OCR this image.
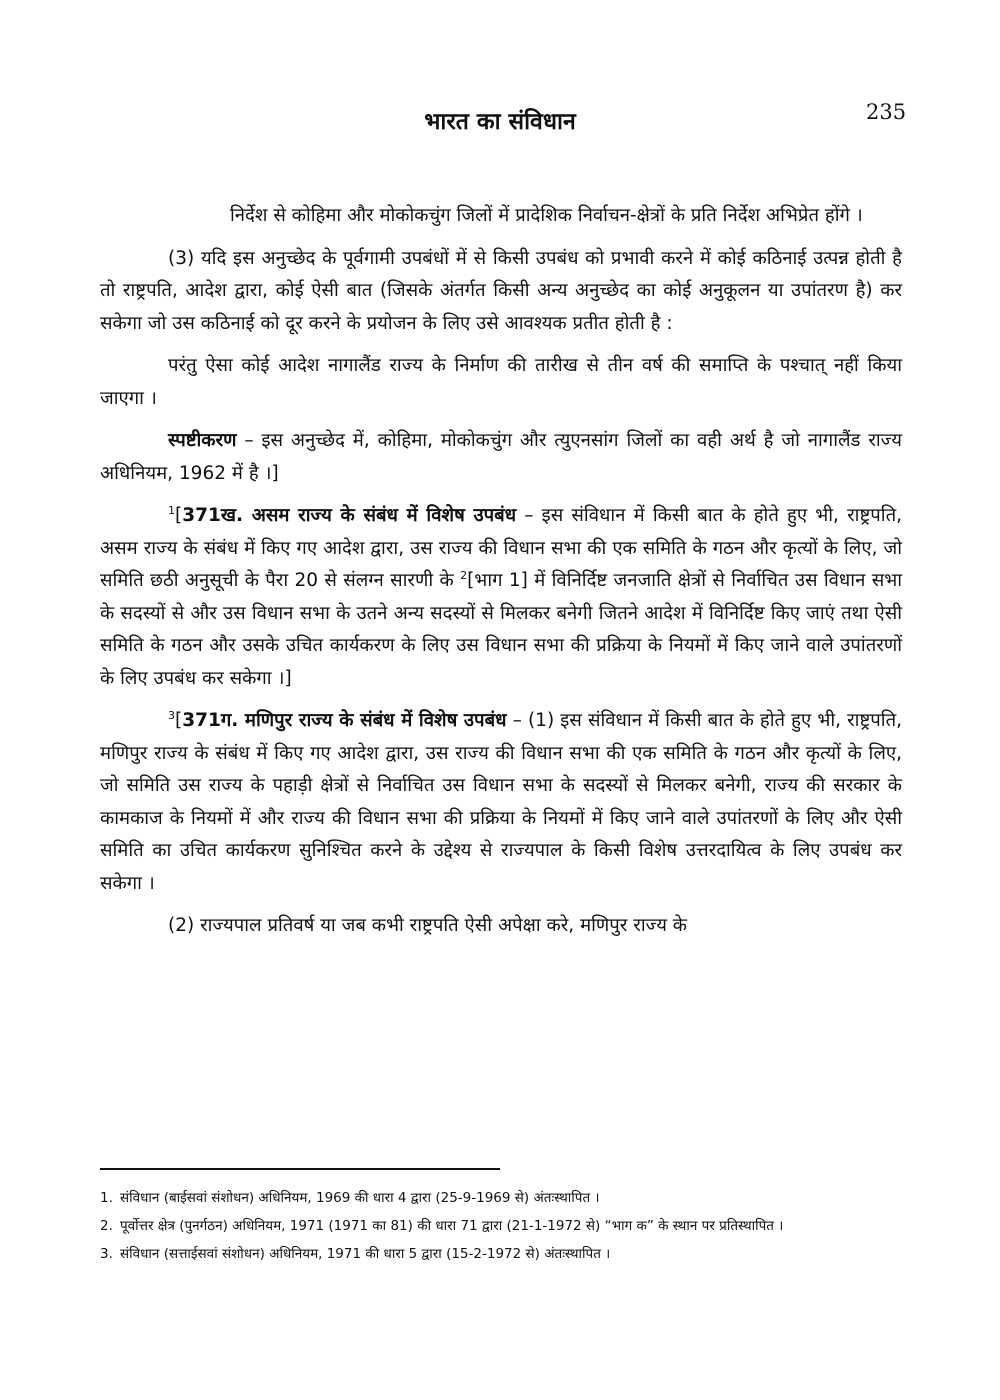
भारत का संविधान	235

निर्देश से कोहिमा और मोकोकचुंग जिलों में प्रादेशिक निर्वाचन-क्षेत्रों के प्रति निर्देश अभिप्रेत होंगे ।

(3) यदि इस अनुच्छेद के पूर्वगामी उपबंधों में से किसी उपबंध को प्रभावी करने में कोई कठिनाई उत्पन्न होती है तो राष्ट्रपति, आदेश द्वारा, कोई ऐसी बात (जिसके अंतर्गत किसी अन्य अनुच्छेद का कोई अनुकूलन या उपांतरण है) कर सकेगा जो उस कठिनाई को दूर करने के प्रयोजन के लिए उसे आवश्यक प्रतीत होती है :

परंतु ऐसा कोई आदेश नागालैंड राज्य के निर्माण की तारीख से तीन वर्ष की समाप्ति के पश्चात् नहीं किया जाएगा ।

स्पष्टीकरण – इस अनुच्छेद में, कोहिमा, मोकोकचुंग और त्युएनसांग जिलों का वही अर्थ है जो नागालैंड राज्य अधिनियम, 1962 में है ।]

$^1$[371ख. असम राज्य के संबंध में विशेष उपबंध – इस संविधान में किसी बात के होते हुए भी, राष्ट्रपति, असम राज्य के संबंध में किए गए आदेश द्वारा, उस राज्य की विधान सभा की एक समिति के गठन और कृत्यों के लिए, जो समिति छठी अनुसूची के पैरा 20 से संलग्न सारणी के $^2$[भाग 1] में विनिर्दिष्ट जनजाति क्षेत्रों से निर्वाचित उस विधान सभा के सदस्यों से और उस विधान सभा के उतने अन्य सदस्यों से मिलकर बनेगी जितने आदेश में विनिर्दिष्ट किए जाएं तथा ऐसी समिति के गठन और उसके उचित कार्यकरण के लिए उस विधान सभा की प्रक्रिया के नियमों में किए जाने वाले उपांतरणों के लिए उपबंध कर सकेगा ।]

$^3$[371ग. मणिपुर राज्य के संबंध में विशेष उपबंध – (1) इस संविधान में किसी बात के होते हुए भी, राष्ट्रपति, मणिपुर राज्य के संबंध में किए गए आदेश द्वारा, उस राज्य की विधान सभा की एक समिति के गठन और कृत्यों के लिए, जो समिति उस राज्य के पहाड़ी क्षेत्रों से निर्वाचित उस विधान सभा के सदस्यों से मिलकर बनेगी, राज्य की सरकार के कामकाज के नियमों में और राज्य की विधान सभा की प्रक्रिया के नियमों में किए जाने वाले उपांतरणों के लिए और ऐसी समिति का उचित कार्यकरण सुनिश्चित करने के उद्देश्य से राज्यपाल के किसी विशेष उत्तरदायित्व के लिए उपबंध कर सकेगा ।

(2) राज्यपाल प्रतिवर्ष या जब कभी राष्ट्रपति ऐसी अपेक्षा करे, मणिपुर राज्य के

1. संविधान (बाईसवां संशोधन) अधिनियम, 1969 की धारा 4 द्वारा (25-9-1969 से) अंतःस्थापित ।
2. पूर्वोत्तर क्षेत्र (पुनर्गठन) अधिनियम, 1971 (1971 का 81) की धारा 71 द्वारा (21-1-1972 से) “भाग क” के स्थान पर प्रतिस्थापित ।
3. संविधान (सत्ताईसवां संशोधन) अधिनियम, 1971 की धारा 5 द्वारा (15-2-1972 से) अंतःस्थापित ।
